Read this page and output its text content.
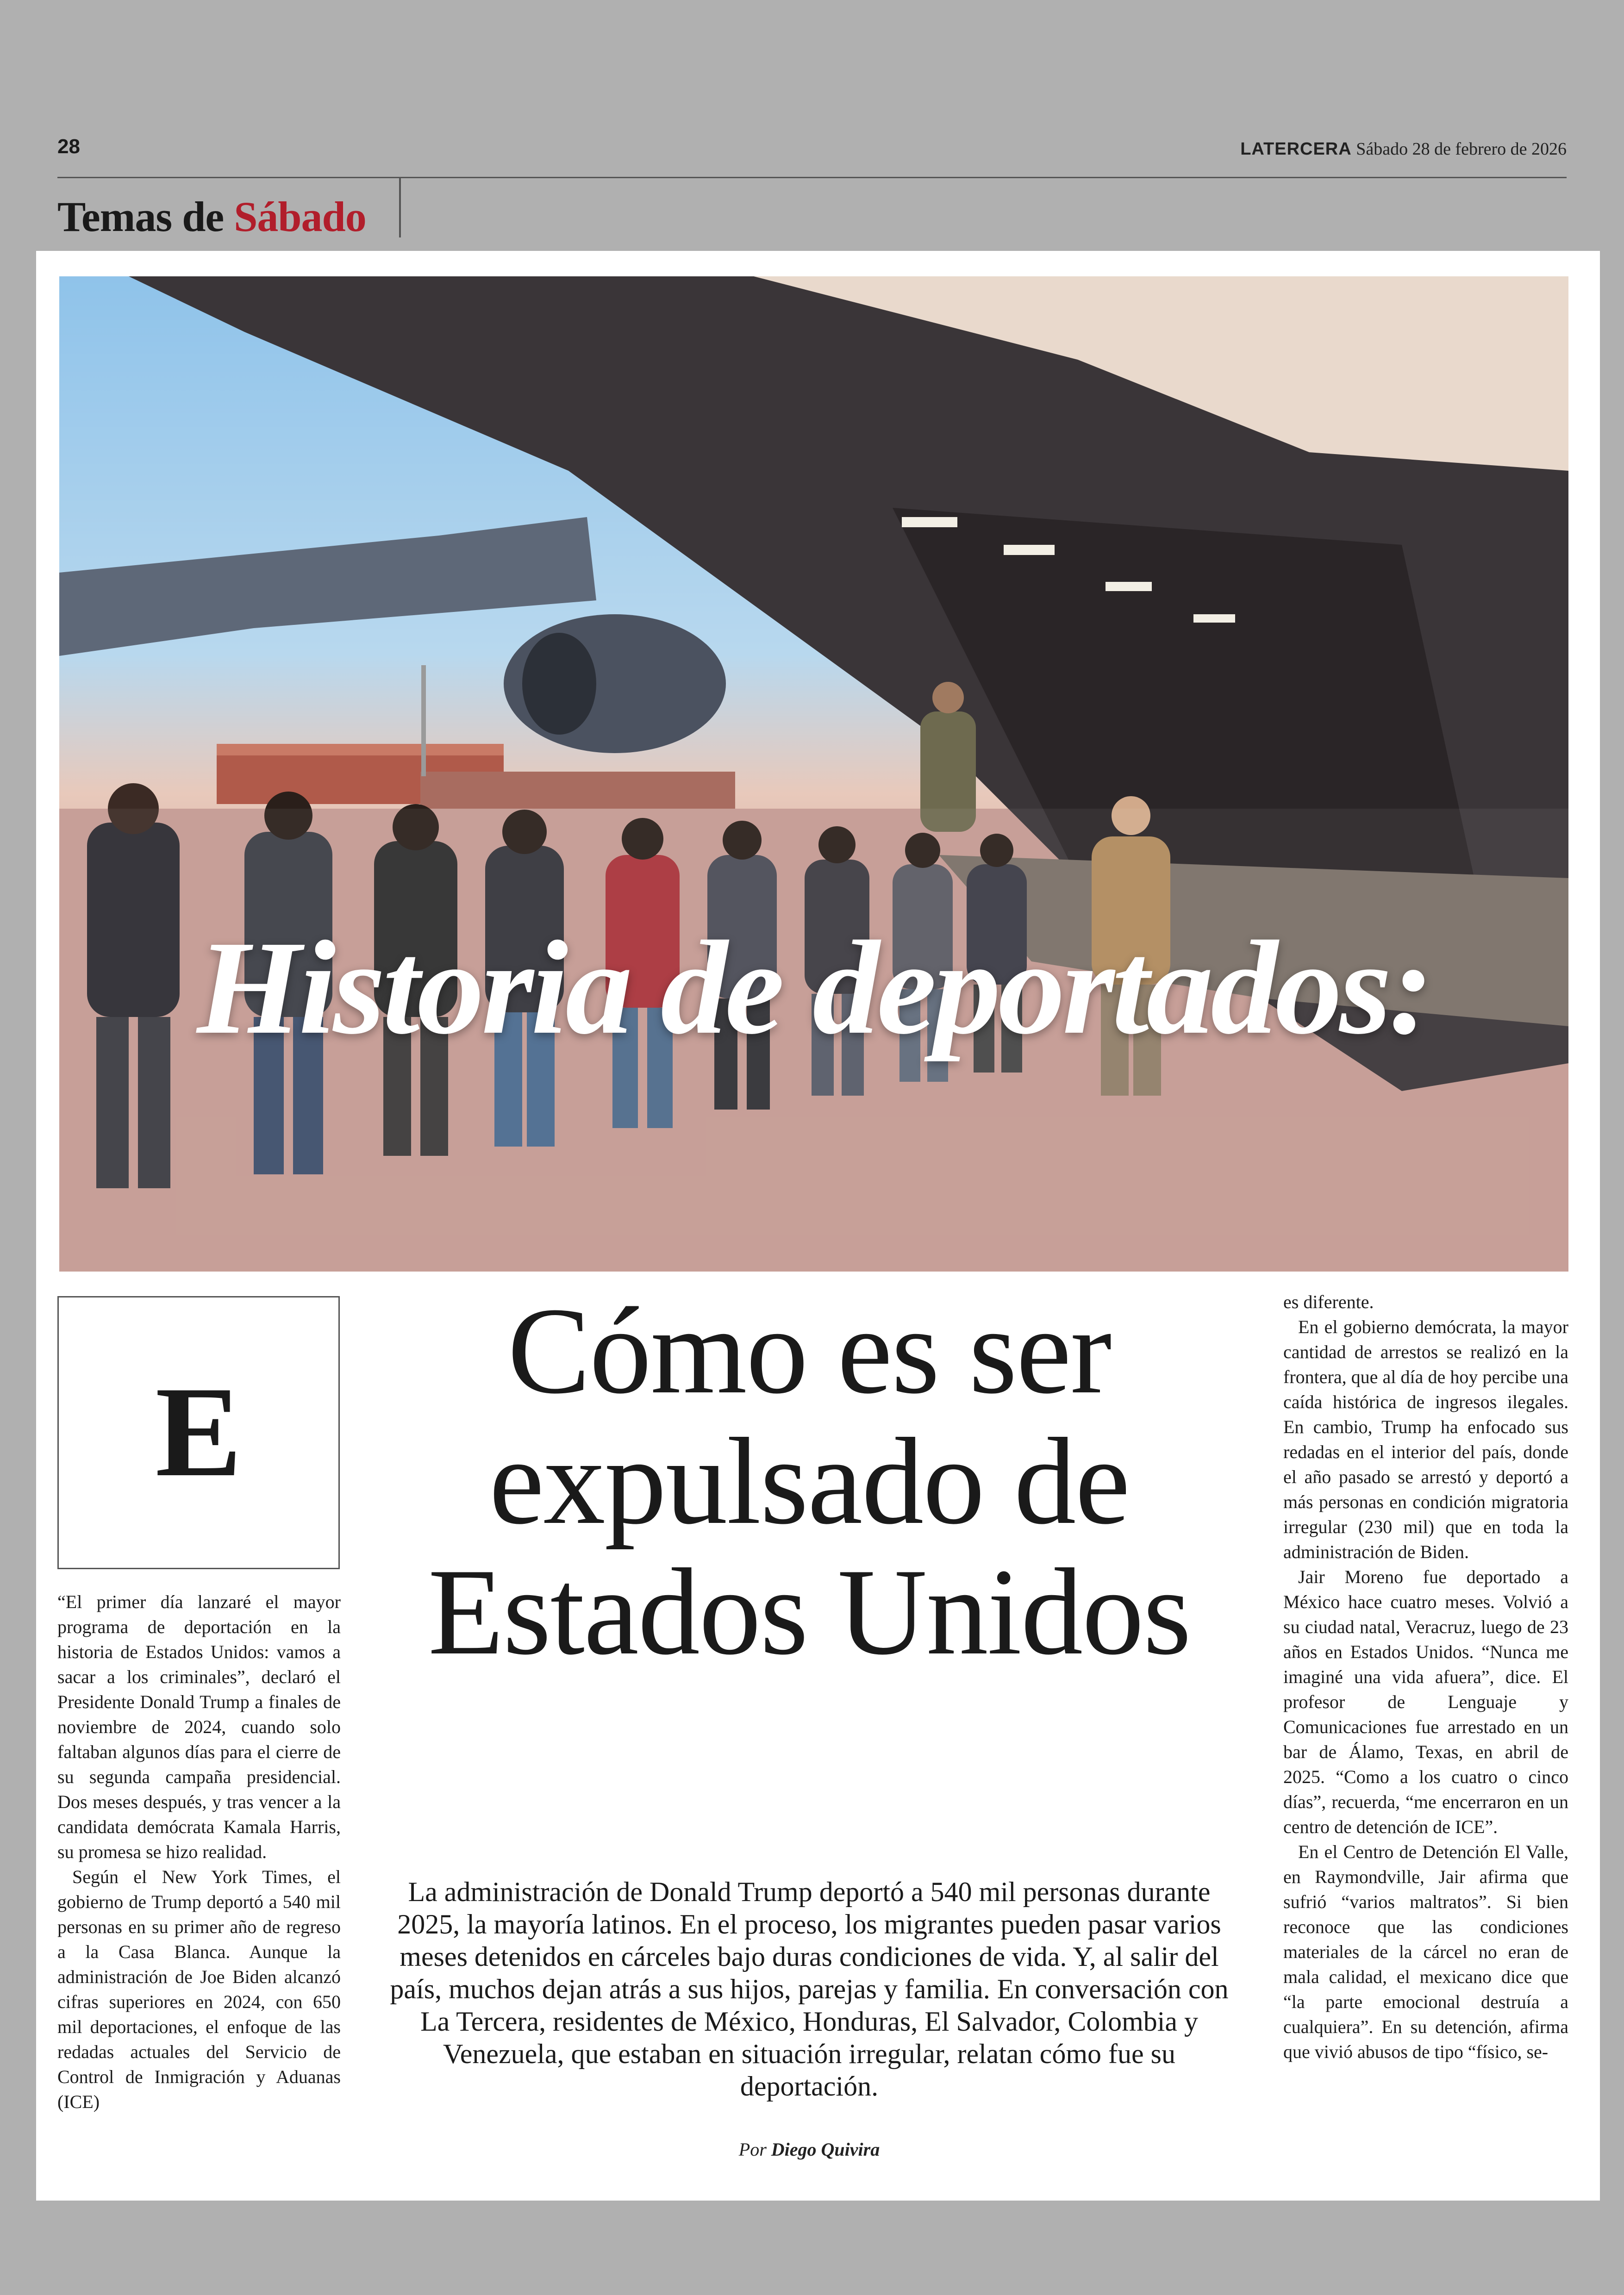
28	LATERCERA Sábado 28 de febrero de 2026
Temas de Sábado
Historia de deportados:
E

“El primer día lanzaré el mayor programa de deportación en la historia de Estados Unidos: vamos a sacar a los criminales”, declaró el Presidente Donald Trump a finales de noviembre de 2024, cuando solo faltaban algunos días para el cierre de su segunda campaña presidencial. Dos meses después, y tras vencer a la candidata demócrata Kamala Harris, su promesa se hizo realidad.

Según el New York Times, el gobierno de Trump deportó a 540 mil personas en su primer año de regreso a la Casa Blanca. Aunque la administración de Joe Biden alcanzó cifras superiores en 2024, con 650 mil deportaciones, el enfoque de las redadas actuales del Servicio de Control de Inmigración y Aduanas (ICE)

Cómo es ser
expulsado de
Estados Unidos
La administración de Donald Trump deportó a 540 mil personas durante 2025, la mayoría latinos. En el proceso, los migrantes pueden pasar varios meses detenidos en cárceles bajo duras condiciones de vida. Y, al salir del país, muchos dejan atrás a sus hijos, parejas y familia. En conversación con La Tercera, residentes de México, Honduras, El Salvador, Colombia y Venezuela, que estaban en situación irregular, relatan cómo fue su deportación.
Por Diego Quivira

es diferente.

En el gobierno demócrata, la mayor cantidad de arrestos se realizó en la frontera, que al día de hoy percibe una caída histórica de ingresos ilegales. En cambio, Trump ha enfocado sus redadas en el interior del país, donde el año pasado se arrestó y deportó a más personas en condición migratoria irregular (230 mil) que en toda la administración de Biden.

Jair Moreno fue deportado a México hace cuatro meses. Volvió a su ciudad natal, Veracruz, luego de 23 años en Estados Unidos. “Nunca me imaginé una vida afuera”, dice. El profesor de Lenguaje y Comunicaciones fue arrestado en un bar de Álamo, Texas, en abril de 2025. “Como a los cuatro o cinco días”, recuerda, “me encerraron en un centro de detención de ICE”.

En el Centro de Detención El Valle, en Raymondville, Jair afirma que sufrió “varios maltratos”. Si bien reconoce que las condiciones materiales de la cárcel no eran de mala calidad, el mexicano dice que “la parte emocional destruía a cualquiera”. En su detención, afirma que vivió abusos de tipo “físico, se-
